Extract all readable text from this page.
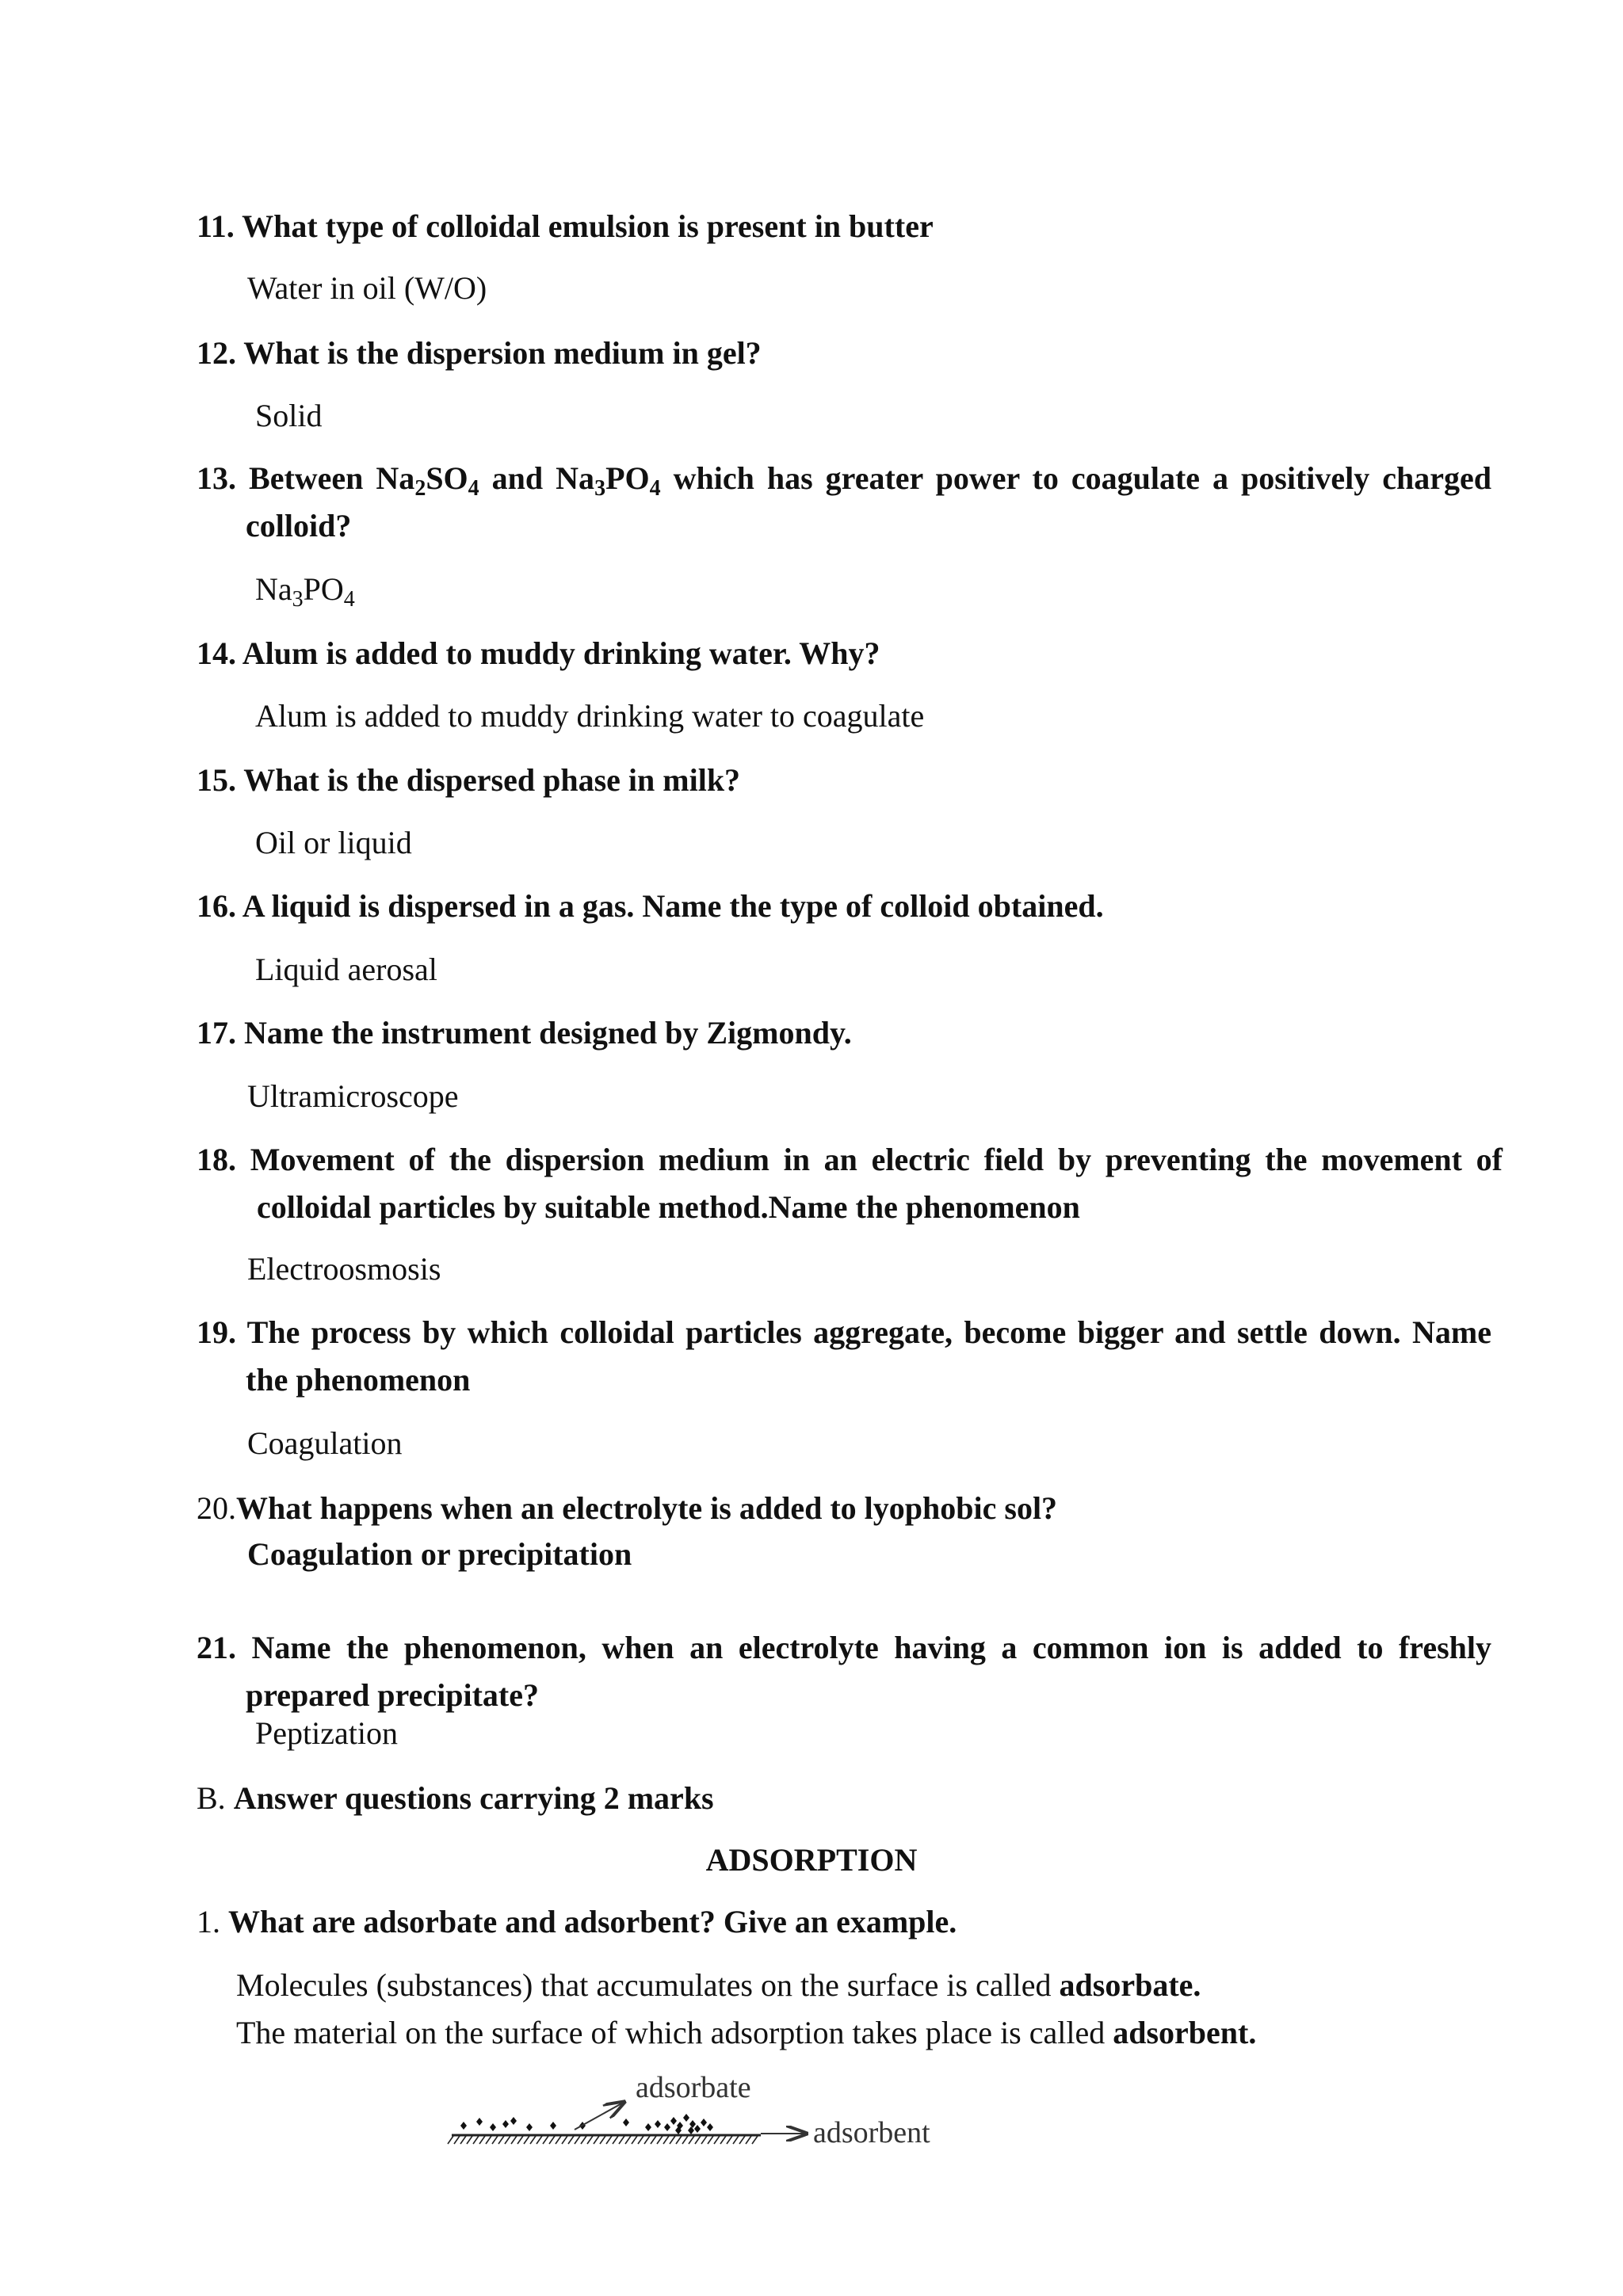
11. What type of colloidal emulsion is present in butter
Water in oil (W/O)
12. What is the dispersion medium in gel?
Solid
13. Between $Na_2SO_4$ and $Na_3PO_4$ which has greater power to coagulate a positively charged colloid?
$Na_3PO_4$
14. Alum is added to muddy drinking water. Why?
Alum is added to muddy drinking water to coagulate
15. What is the dispersed phase in milk?
Oil or liquid
16. A liquid is dispersed in a gas. Name the type of colloid obtained.
Liquid aerosal
17. Name the instrument designed by Zigmondy.
Ultramicroscope
18. Movement of the dispersion medium in an electric field by preventing the movement of colloidal particles by suitable method.Name the phenomenon
Electroosmosis
19. The process by which colloidal particles aggregate, become bigger and settle down. Name the phenomenon
Coagulation
20.What happens when an electrolyte is added to lyophobic sol?
Coagulation or precipitation
21. Name the phenomenon, when an electrolyte having a common ion is added to freshly prepared precipitate?
Peptization
B. Answer questions carrying 2 marks
ADSORPTION
1. What are adsorbate and adsorbent? Give an example.
Molecules (substances) that accumulates on the surface is called adsorbate.
The material on the surface of which adsorption takes place is called adsorbent.
adsorbate
adsorbent
